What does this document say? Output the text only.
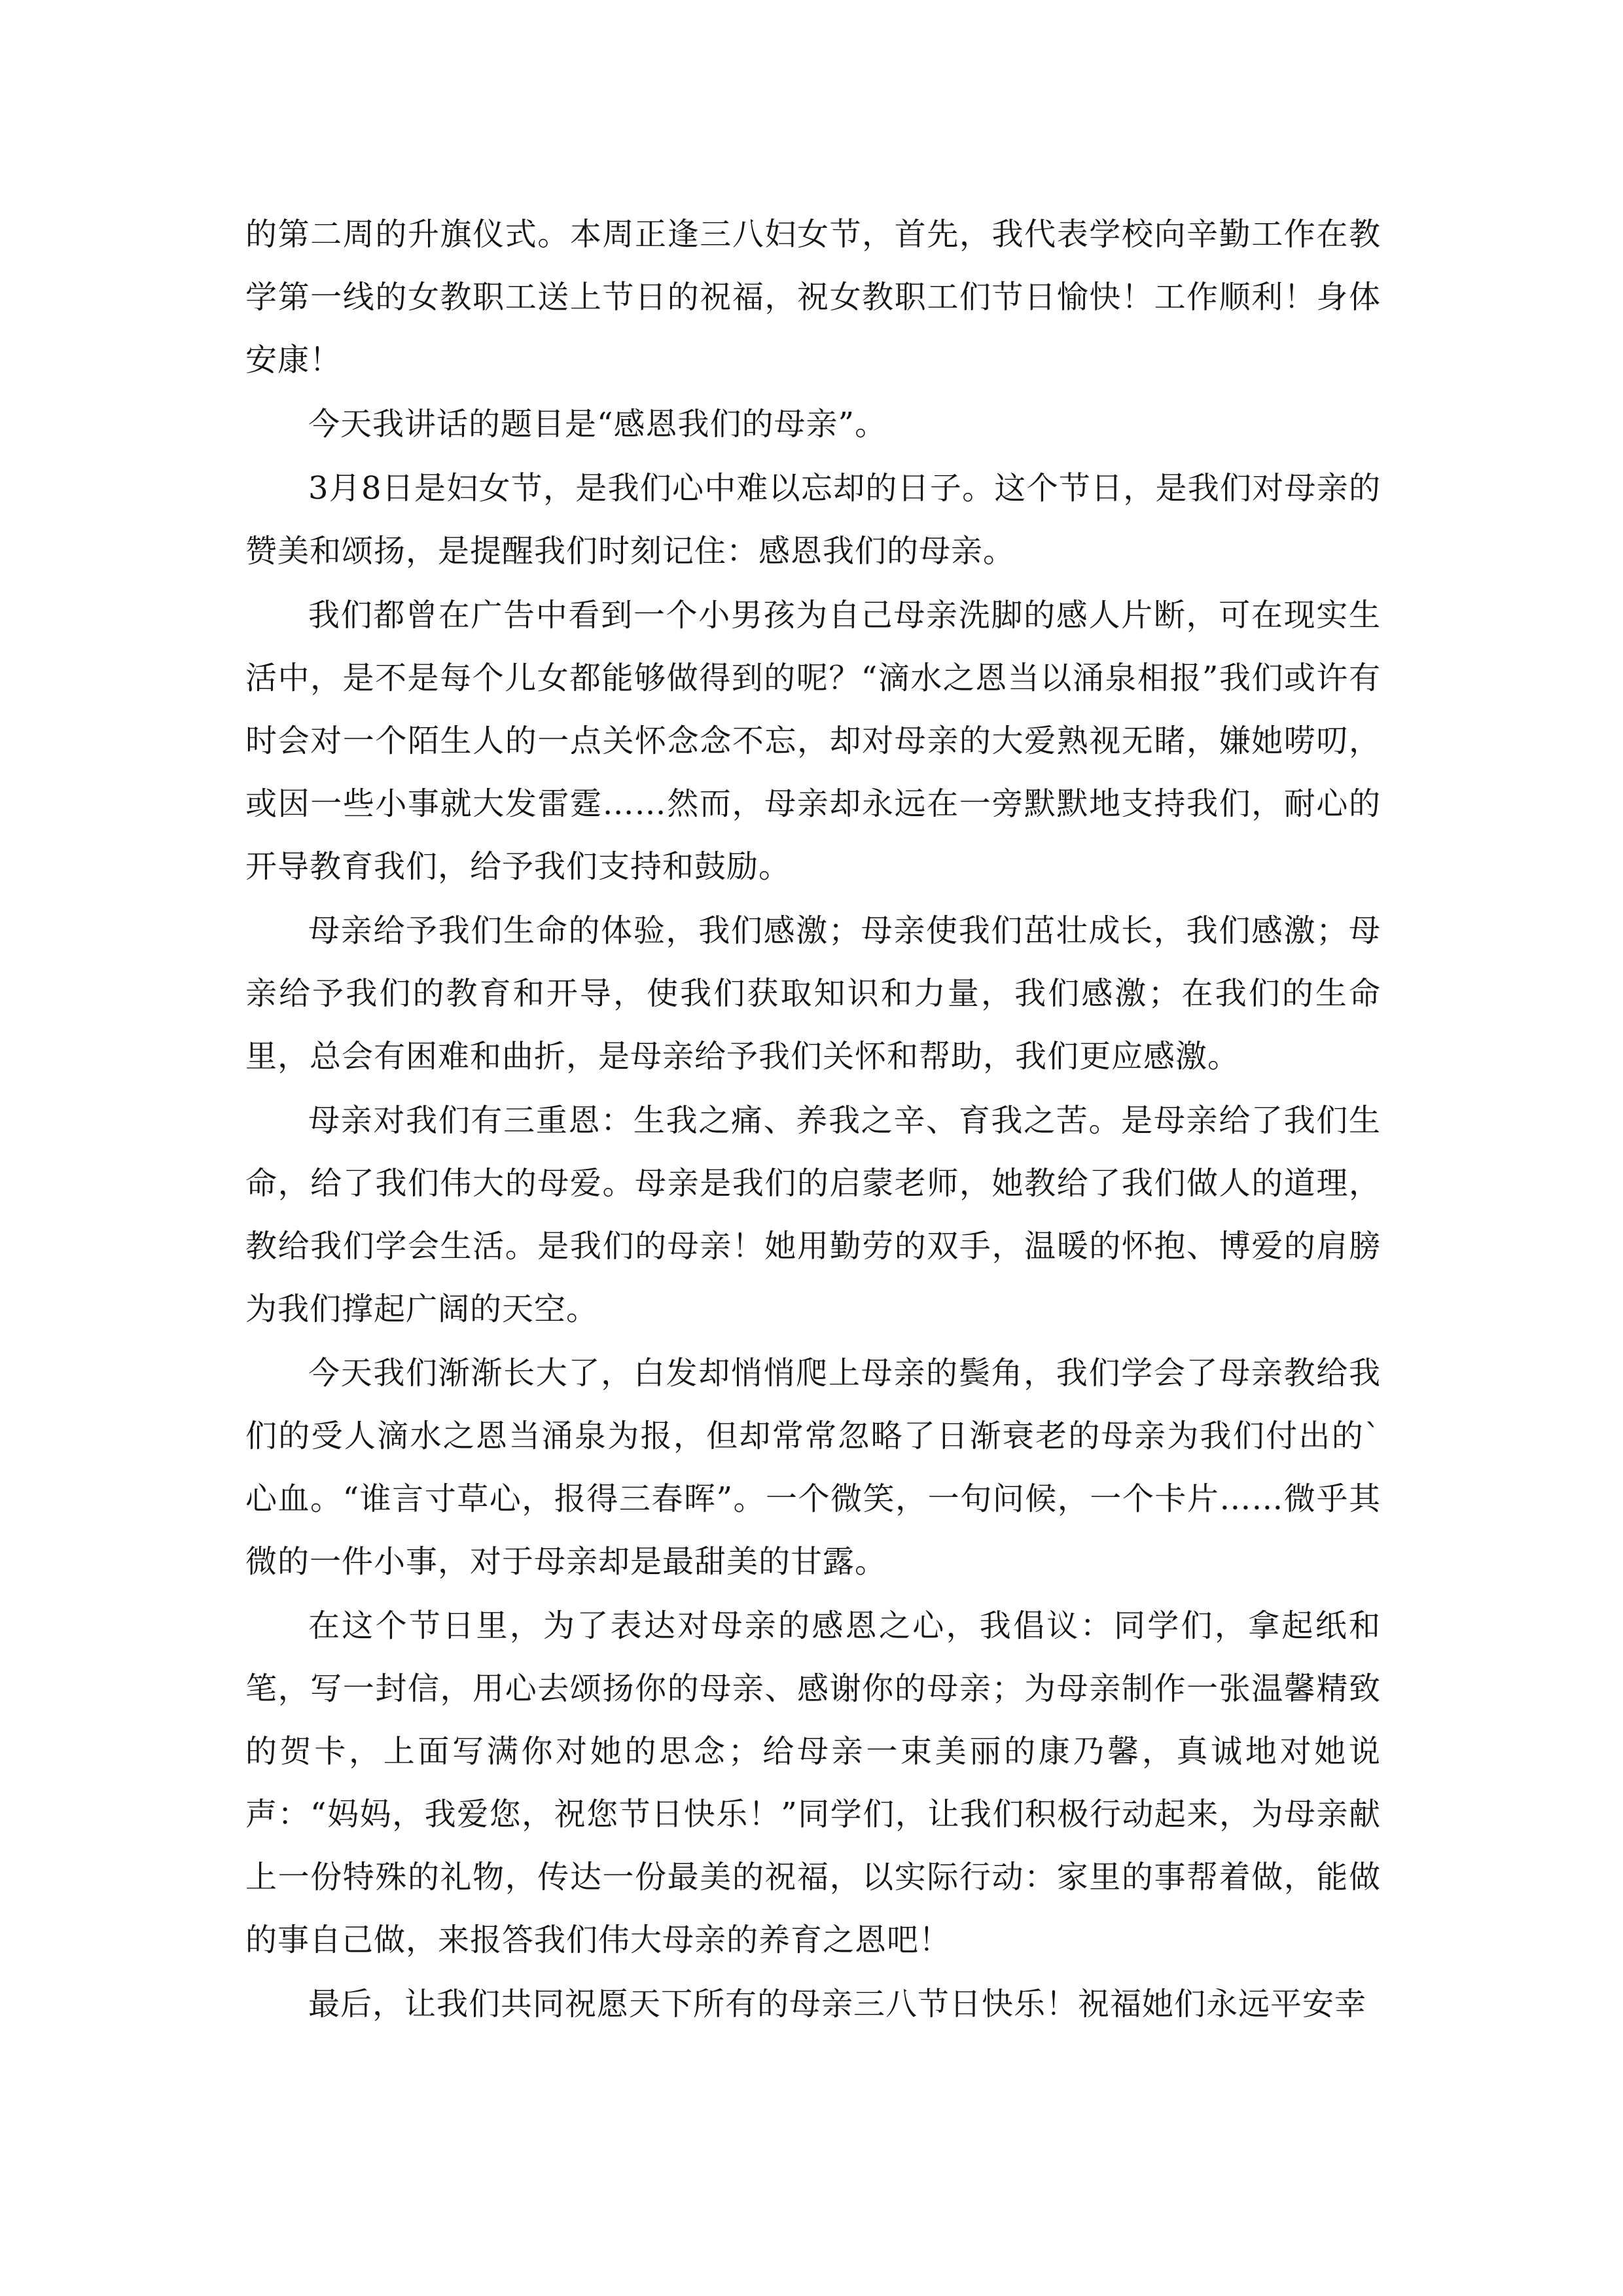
的第二周的升旗仪式。本周正逢三八妇女节，首先，我代表学校向辛勤工作在教学第一线的女教职工送上节日的祝福，祝女教职工们节日愉快！工作顺利！身体安康！

今天我讲话的题目是“感恩我们的母亲”。

3月8日是妇女节，是我们心中难以忘却的日子。这个节日，是我们对母亲的赞美和颂扬，是提醒我们时刻记住：感恩我们的母亲。

我们都曾在广告中看到一个小男孩为自己母亲洗脚的感人片断，可在现实生活中，是不是每个儿女都能够做得到的呢？“滴水之恩当以涌泉相报”我们或许有时会对一个陌生人的一点关怀念念不忘，却对母亲的大爱熟视无睹，嫌她唠叨，或因一些小事就大发雷霆……然而，母亲却永远在一旁默默地支持我们，耐心的开导教育我们，给予我们支持和鼓励。

母亲给予我们生命的体验，我们感激；母亲使我们茁壮成长，我们感激；母亲给予我们的教育和开导，使我们获取知识和力量，我们感激；在我们的生命里，总会有困难和曲折，是母亲给予我们关怀和帮助，我们更应感激。

母亲对我们有三重恩：生我之痛、养我之辛、育我之苦。是母亲给了我们生命，给了我们伟大的母爱。母亲是我们的启蒙老师，她教给了我们做人的道理，教给我们学会生活。是我们的母亲！她用勤劳的双手，温暖的怀抱、博爱的肩膀为我们撑起广阔的天空。

今天我们渐渐长大了，白发却悄悄爬上母亲的鬓角，我们学会了母亲教给我们的受人滴水之恩当涌泉为报，但却常常忽略了日渐衰老的母亲为我们付出的`心血。“谁言寸草心，报得三春晖”。一个微笑，一句问候，一个卡片……微乎其微的一件小事，对于母亲却是最甜美的甘露。

在这个节日里，为了表达对母亲的感恩之心，我倡议：同学们，拿起纸和笔，写一封信，用心去颂扬你的母亲、感谢你的母亲；为母亲制作一张温馨精致的贺卡，上面写满你对她的思念；给母亲一束美丽的康乃馨，真诚地对她说声：“妈妈，我爱您，祝您节日快乐！”同学们，让我们积极行动起来，为母亲献上一份特殊的礼物，传达一份最美的祝福，以实际行动：家里的事帮着做，能做的事自己做，来报答我们伟大母亲的养育之恩吧！

最后，让我们共同祝愿天下所有的母亲三八节日快乐！祝福她们永远平安幸
